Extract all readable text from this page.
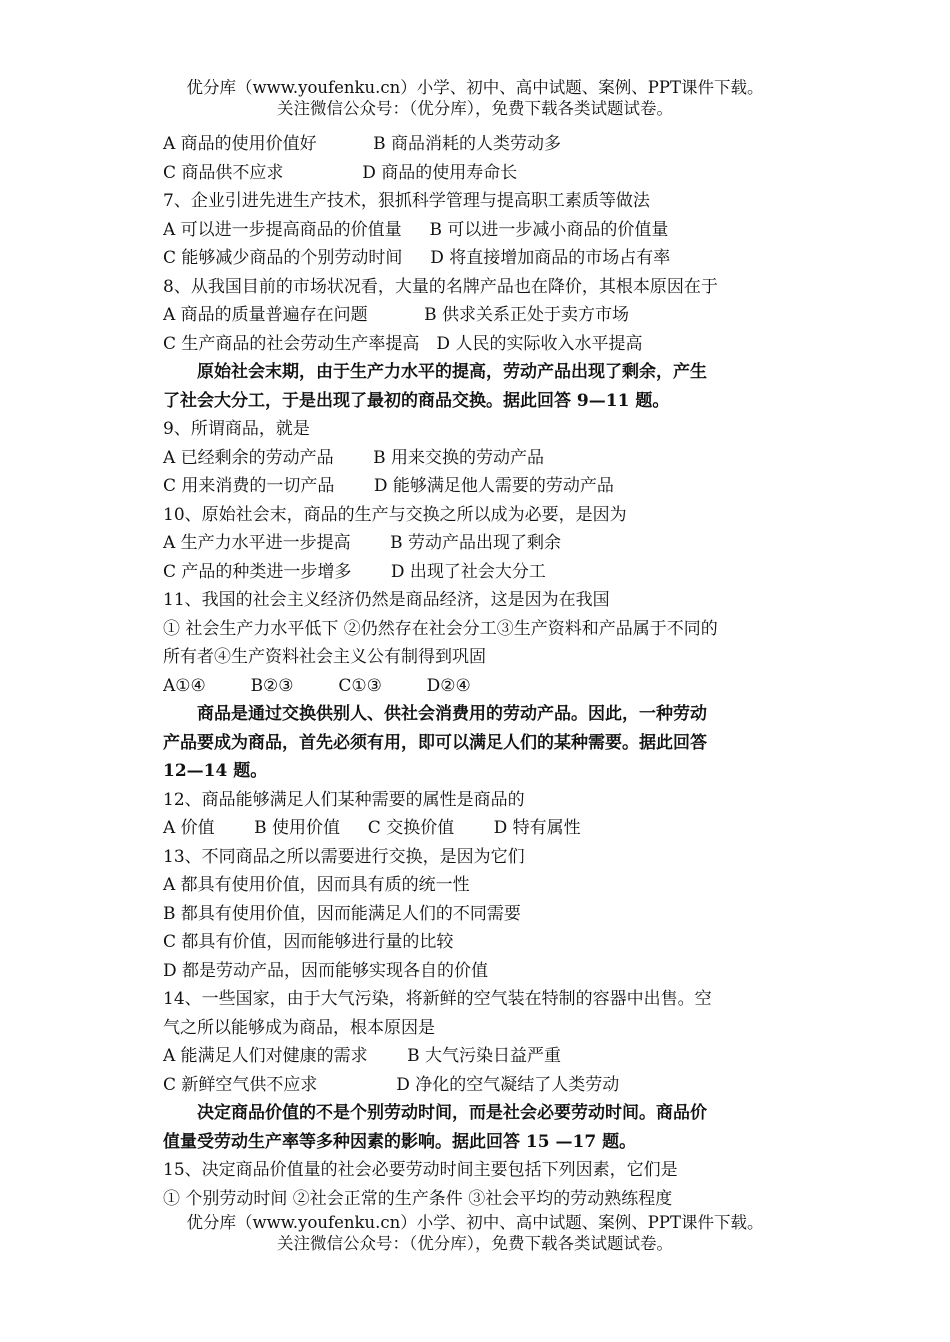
优分库（www.youfenku.cn）小学、初中、高中试题、案例、PPT课件下载。
关注微信公众号：（优分库），免费下载各类试题试卷。
A 商品的使用价值好 　　　B 商品消耗的人类劳动多
C 商品供不应求 　　　　 D 商品的使用寿命长
7、企业引进先进生产技术，狠抓科学管理与提高职工素质等做法
A 可以进一步提高商品的价值量 　 B 可以进一步减小商品的价值量
C 能够减少商品的个别劳动时间 　 D 将直接增加商品的市场占有率
8、从我国目前的市场状况看，大量的名牌产品也在降价，其根本原因在于
A 商品的质量普遍存在问题 　　　B 供求关系正处于卖方市场
C 生产商品的社会劳动生产率提高　D 人民的实际收入水平提高
原始社会末期，由于生产力水平的提高，劳动产品出现了剩余，产生
了社会大分工，于是出现了最初的商品交换。据此回答 9—11 题。
9、所谓商品，就是
A 已经剩余的劳动产品 　　B 用来交换的劳动产品
C 用来消费的一切产品 　　D 能够满足他人需要的劳动产品
10、原始社会末，商品的生产与交换之所以成为必要，是因为
A 生产力水平进一步提高 　　B 劳动产品出现了剩余
C 产品的种类进一步增多 　　D 出现了社会大分工
11、我国的社会主义经济仍然是商品经济，这是因为在我国
① 社会生产力水平低下 ②仍然存在社会分工③生产资料和产品属于不同的
所有者④生产资料社会主义公有制得到巩固
A①④ 　　 B②③ 　　 C①③ 　　 D②④
商品是通过交换供别人、供社会消费用的劳动产品。因此，一种劳动
产品要成为商品，首先必须有用，即可以满足人们的某种需要。据此回答
12—14 题。
12、商品能够满足人们某种需要的属性是商品的
A 价值 　　B 使用价值 　 C 交换价值 　　D 特有属性
13、不同商品之所以需要进行交换，是因为它们
A 都具有使用价值，因而具有质的统一性
B 都具有使用价值，因而能满足人们的不同需要
C 都具有价值，因而能够进行量的比较
D 都是劳动产品，因而能够实现各自的价值
14、一些国家，由于大气污染，将新鲜的空气装在特制的容器中出售。空
气之所以能够成为商品，根本原因是
A 能满足人们对健康的需求 　　B 大气污染日益严重
C 新鲜空气供不应求 　　　　 D 净化的空气凝结了人类劳动
决定商品价值的不是个别劳动时间，而是社会必要劳动时间。商品价
值量受劳动生产率等多种因素的影响。据此回答 15 —17 题。
15、决定商品价值量的社会必要劳动时间主要包括下列因素，它们是
① 个别劳动时间 ②社会正常的生产条件 ③社会平均的劳动熟练程度
优分库（www.youfenku.cn）小学、初中、高中试题、案例、PPT课件下载。
关注微信公众号：（优分库），免费下载各类试题试卷。
